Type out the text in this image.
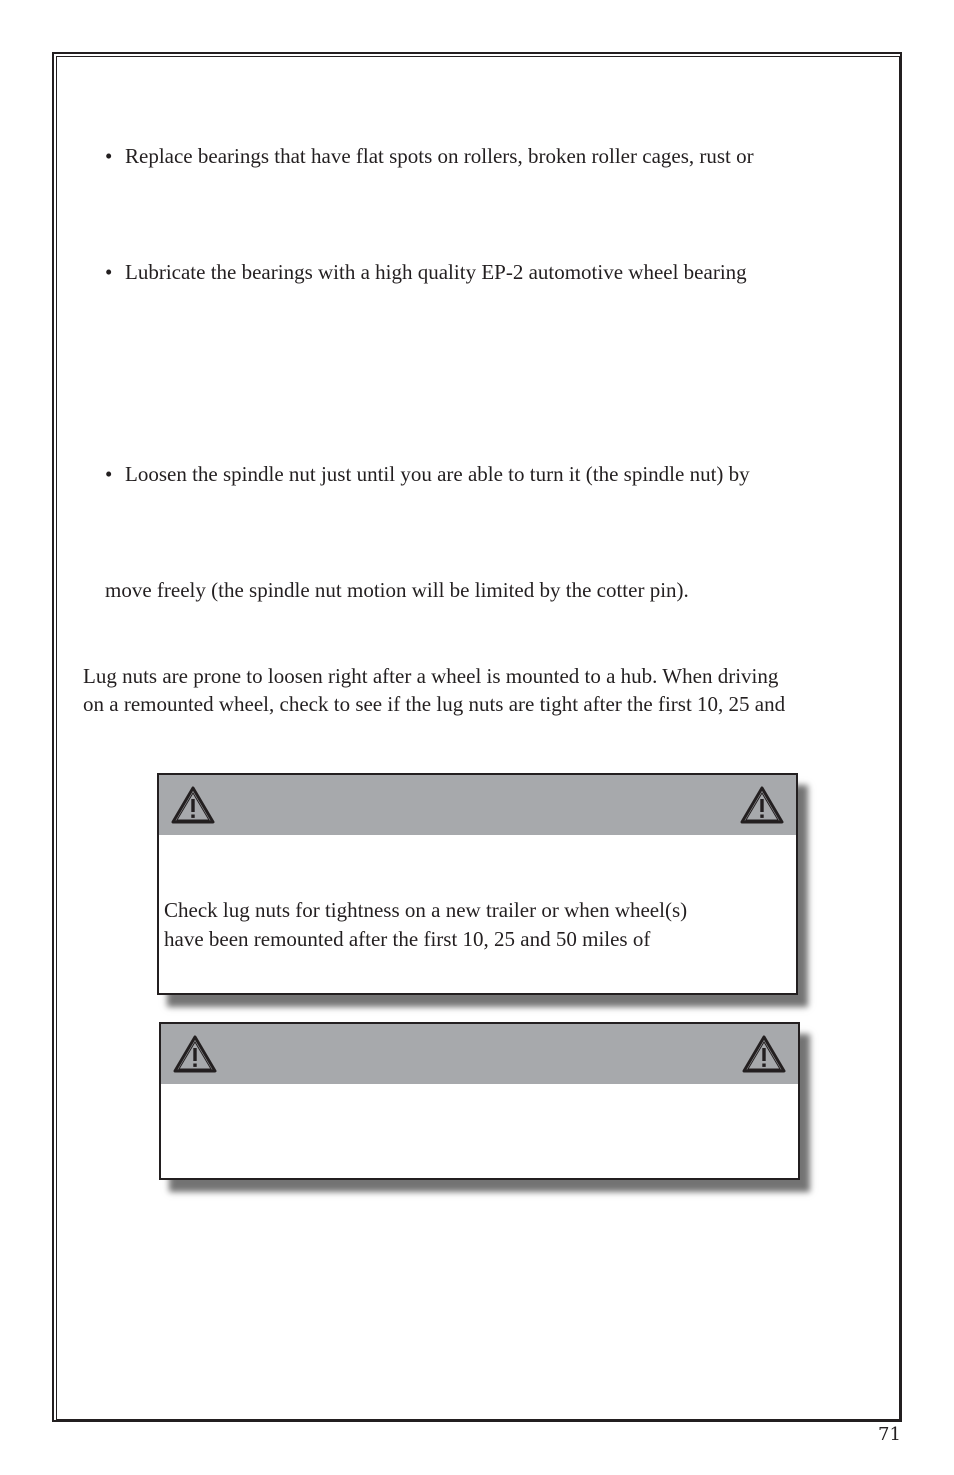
• Replace bearings that have flat spots on rollers, broken roller cages, rust or
• Lubricate the bearings with a high quality EP-2 automotive wheel bearing
• Loosen the spindle nut just until you are able to turn it (the spindle nut) by
move freely (the spindle nut motion will be limited by the cotter pin).
Lug nuts are prone to loosen right after a wheel is mounted to a hub. When driving
on a remounted wheel, check to see if the lug nuts are tight after the first 10, 25 and
Check lug nuts for tightness on a new trailer or when wheel(s)
have been remounted after the first 10, 25 and 50 miles of
71
